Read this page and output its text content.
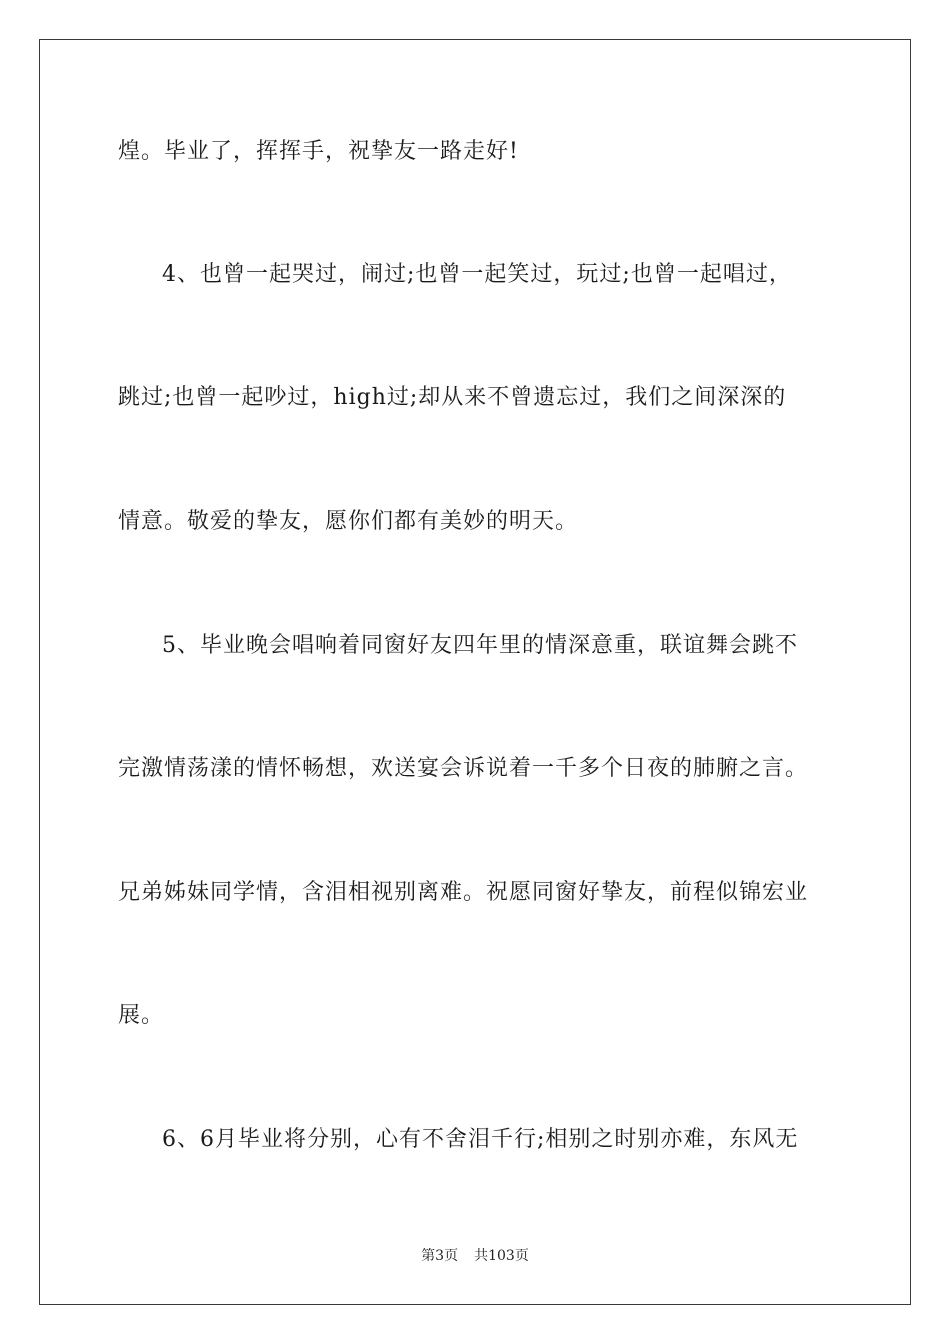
煌。毕业了，挥挥手，祝挚友一路走好!
4、也曾一起哭过，闹过;也曾一起笑过，玩过;也曾一起唱过，
跳过;也曾一起吵过，high过;却从来不曾遗忘过，我们之间深深的
情意。敬爱的挚友，愿你们都有美妙的明天。
5、毕业晚会唱响着同窗好友四年里的情深意重，联谊舞会跳不
完激情荡漾的情怀畅想，欢送宴会诉说着一千多个日夜的肺腑之言。
兄弟姊妹同学情，含泪相视别离难。祝愿同窗好挚友，前程似锦宏业
展。
6、6月毕业将分别，心有不舍泪千行;相别之时别亦难，东风无
第3页 共103页
